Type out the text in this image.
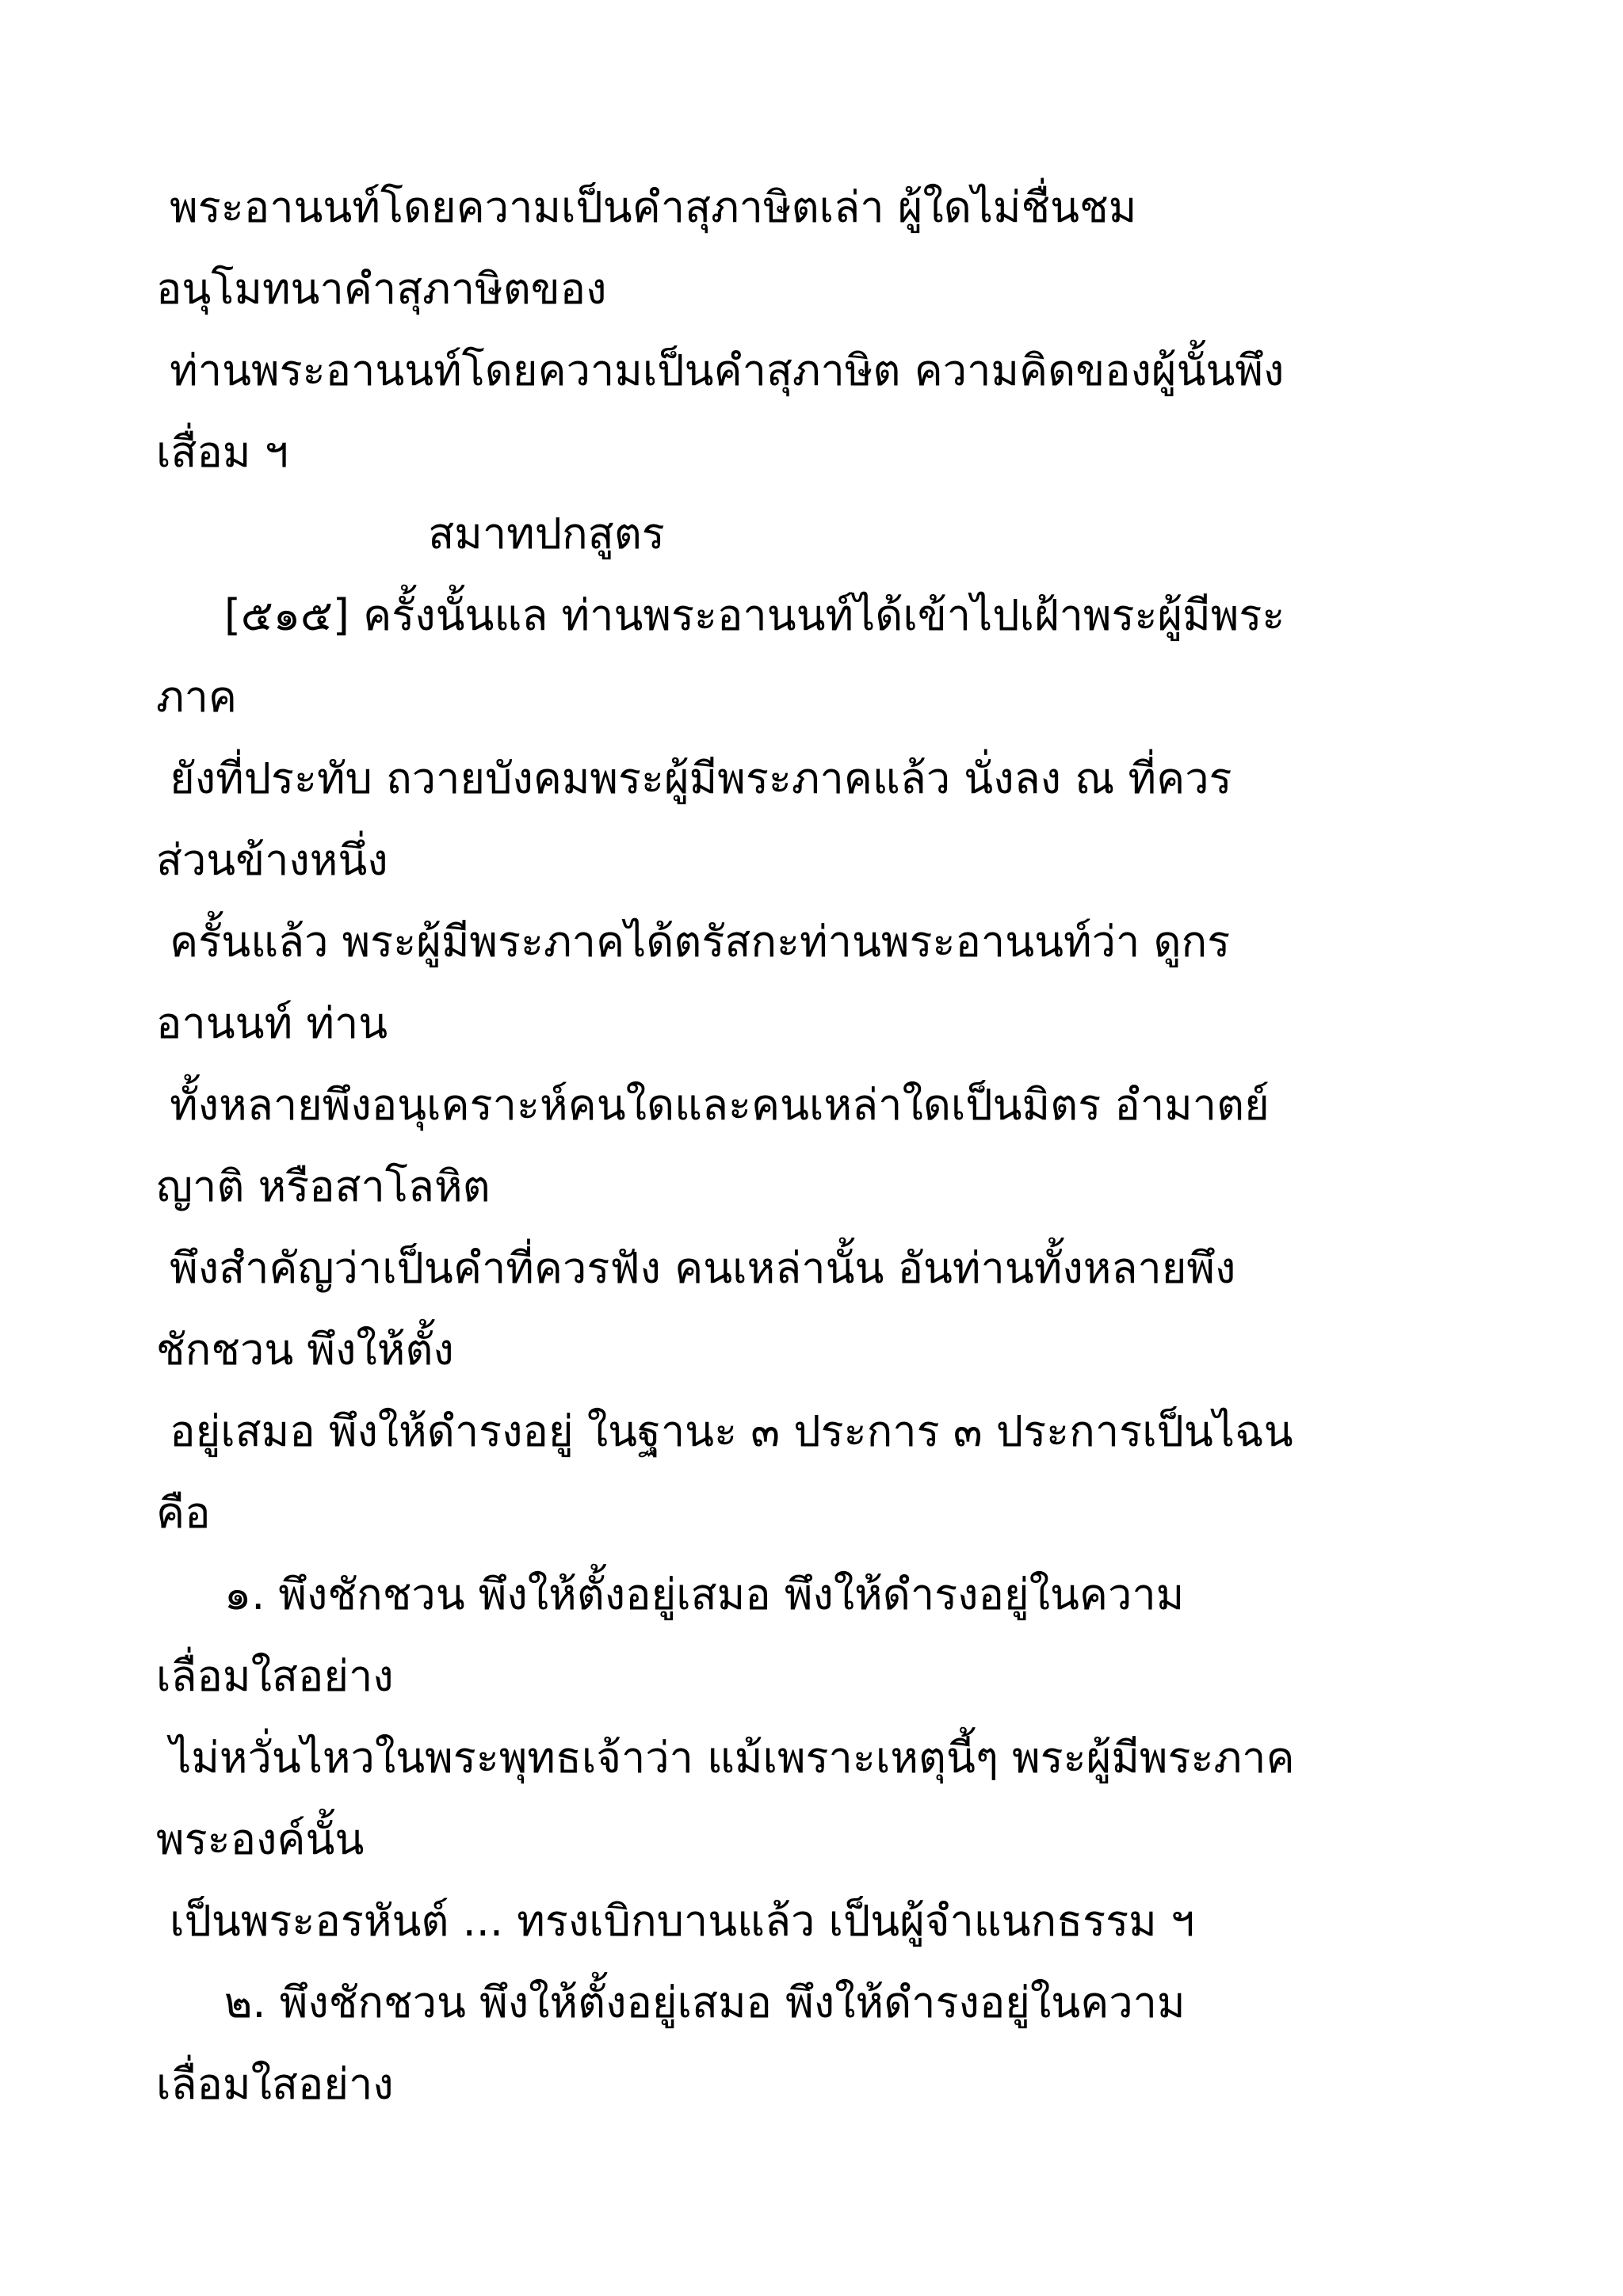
พระอานนท์โดยความเป็นคำสุภาษิตเล่า ผู้ใดไม่ชื่นชม
อนุโมทนาคำสุภาษิตของ
ท่านพระอานนท์โดยความเป็นคำสุภาษิต ความคิดของผู้นั้นพึง
เสื่อม ฯ
สมาทปกสูตร
[๕๑๕] ครั้งนั้นแล ท่านพระอานนท์ได้เข้าไปเฝ้าพระผู้มีพระ
ภาค
ยังที่ประทับ ถวายบังคมพระผู้มีพระภาคแล้ว นั่งลง ณ ที่ควร
ส่วนข้างหนึ่ง
ครั้นแล้ว พระผู้มีพระภาคได้ตรัสกะท่านพระอานนท์ว่า ดูกร
อานนท์ ท่าน
ทั้งหลายพึงอนุเคราะห์คนใดและคนเหล่าใดเป็นมิตร อำมาตย์
ญาติ หรือสาโลหิต
พึงสำคัญว่าเป็นคำที่ควรฟัง คนเหล่านั้น อันท่านทั้งหลายพึง
ชักชวน พึงให้ตั้ง
อยู่เสมอ พึงให้ดำรงอยู่ ในฐานะ ๓ ประการ ๓ ประการเป็นไฉน
คือ
๑. พึงชักชวน พึงให้ตั้งอยู่เสมอ พึงให้ดำรงอยู่ในความ
เลื่อมใสอย่าง
ไม่หวั่นไหวในพระพุทธเจ้าว่า แม้เพราะเหตุนี้ๆ พระผู้มีพระภาค
พระองค์นั้น
เป็นพระอรหันต์ ... ทรงเบิกบานแล้ว เป็นผู้จำแนกธรรม ฯ
๒. พึงชักชวน พึงให้ตั้งอยู่เสมอ พึงให้ดำรงอยู่ในความ
เลื่อมใสอย่าง
